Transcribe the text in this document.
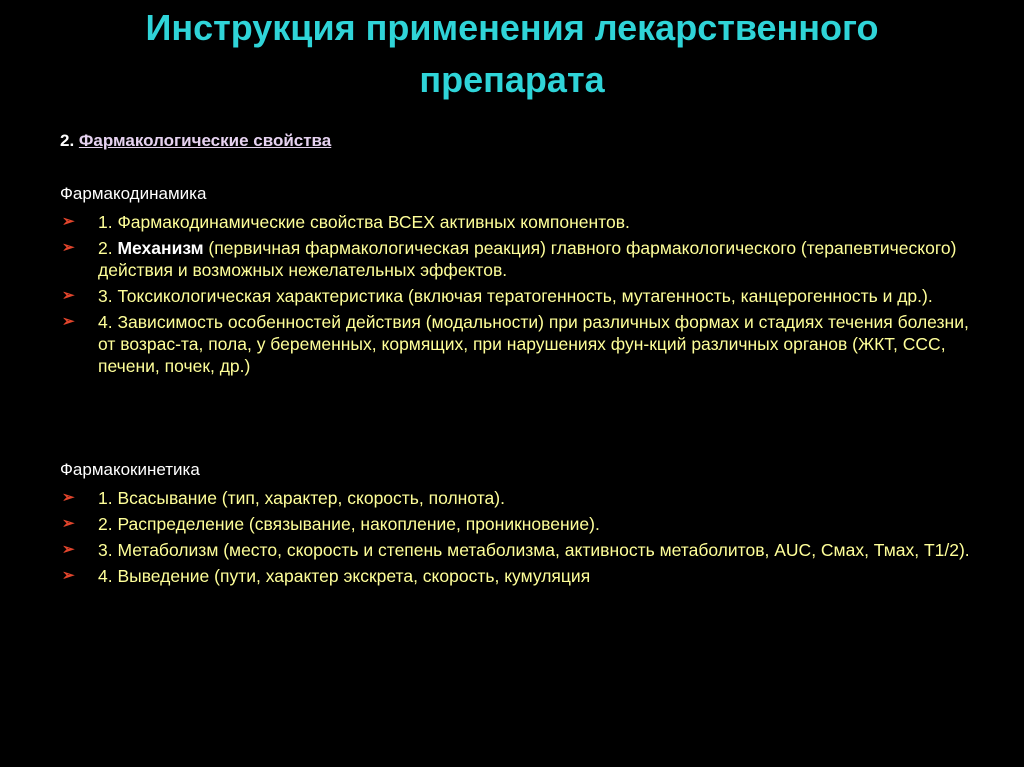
Инструкция применения лекарственного
препарата
2. Фармакологические свойства
Фармакодинамика
➢ 1. Фармакодинамические свойства ВСЕХ активных компонентов.
➢ 2. Механизм (первичная фармакологическая реакция) главного фармакологического (терапевтического) действия и возможных нежелательных эффектов.
➢ 3. Токсикологическая характеристика (включая тератогенность, мутагенность, канцерогенность и др.).
➢ 4. Зависимость особенностей действия (модальности) при различных формах и стадиях течения болезни, от возрас-та, пола, у беременных, кормящих, при нарушениях фун-кций различных органов (ЖКТ, ССС, печени, почек, др.)
Фармакокинетика
➢ 1. Всасывание (тип, характер, скорость, полнота).
➢ 2. Распределение (связывание, накопление, проникновение).
➢ 3. Метаболизм (место, скорость и степень метаболизма, активность метаболитов, AUC, Смах, Тмах, Т1/2).
➢ 4. Выведение (пути, характер экскрета, скорость, кумуляция
